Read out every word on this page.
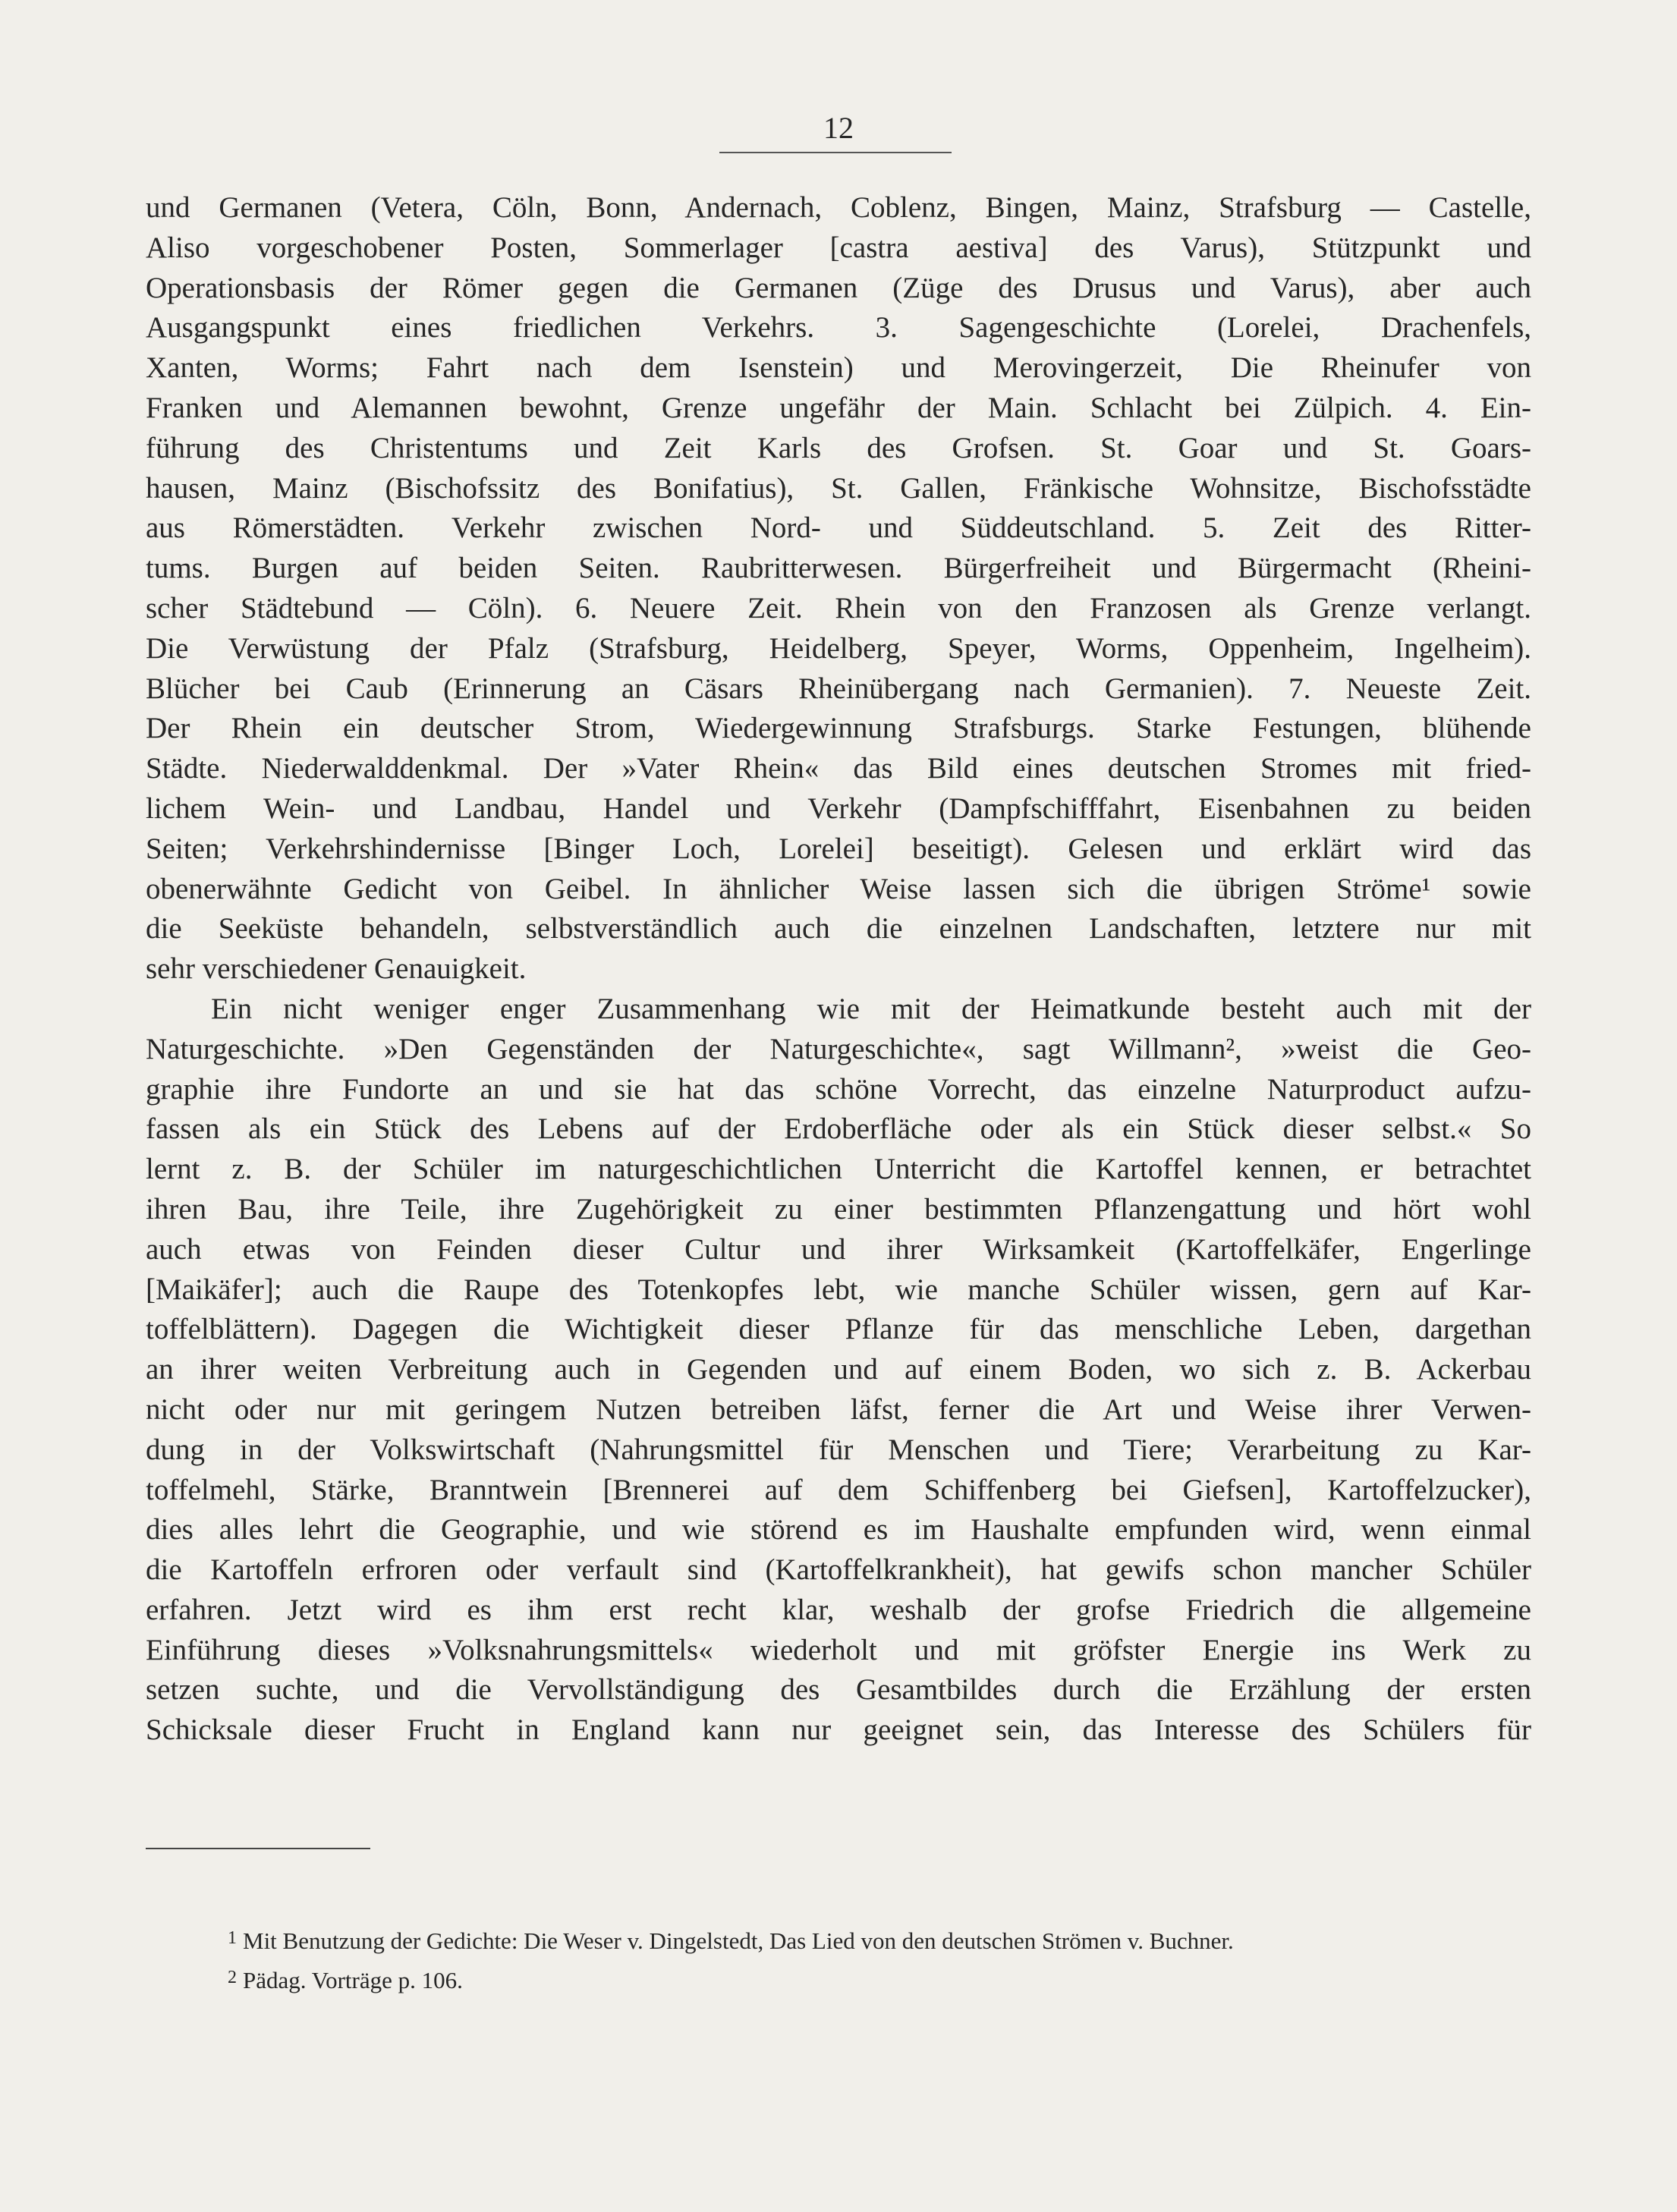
12
und Germanen (Vetera, Cöln, Bonn, Andernach, Coblenz, Bingen, Mainz, Strafsburg — Castelle,
Aliso vorgeschobener Posten, Sommerlager [castra aestiva] des Varus), Stützpunkt und
Operationsbasis der Römer gegen die Germanen (Züge des Drusus und Varus), aber auch
Ausgangspunkt eines friedlichen Verkehrs. 3. Sagengeschichte (Lorelei, Drachenfels,
Xanten, Worms; Fahrt nach dem Isenstein) und Merovingerzeit, Die Rheinufer von
Franken und Alemannen bewohnt, Grenze ungefähr der Main. Schlacht bei Zülpich. 4. Ein-
führung des Christentums und Zeit Karls des Grofsen. St. Goar und St. Goars-
hausen, Mainz (Bischofssitz des Bonifatius), St. Gallen, Fränkische Wohnsitze, Bischofsstädte
aus Römerstädten. Verkehr zwischen Nord- und Süddeutschland. 5. Zeit des Ritter-
tums. Burgen auf beiden Seiten. Raubritterwesen. Bürgerfreiheit und Bürgermacht (Rheini-
scher Städtebund — Cöln). 6. Neuere Zeit. Rhein von den Franzosen als Grenze verlangt.
Die Verwüstung der Pfalz (Strafsburg, Heidelberg, Speyer, Worms, Oppenheim, Ingelheim).
Blücher bei Caub (Erinnerung an Cäsars Rheinübergang nach Germanien). 7. Neueste Zeit.
Der Rhein ein deutscher Strom, Wiedergewinnung Strafsburgs. Starke Festungen, blühende
Städte. Niederwalddenkmal. Der »Vater Rhein« das Bild eines deutschen Stromes mit fried-
lichem Wein- und Landbau, Handel und Verkehr (Dampfschifffahrt, Eisenbahnen zu beiden
Seiten; Verkehrshindernisse [Binger Loch, Lorelei] beseitigt). Gelesen und erklärt wird das
obenerwähnte Gedicht von Geibel. In ähnlicher Weise lassen sich die übrigen Ströme¹ sowie
die Seeküste behandeln, selbstverständlich auch die einzelnen Landschaften, letztere nur mit
sehr verschiedener Genauigkeit.
Ein nicht weniger enger Zusammenhang wie mit der Heimatkunde besteht auch mit der
Naturgeschichte. »Den Gegenständen der Naturgeschichte«, sagt Willmann², »weist die Geo-
graphie ihre Fundorte an und sie hat das schöne Vorrecht, das einzelne Naturproduct aufzu-
fassen als ein Stück des Lebens auf der Erdoberfläche oder als ein Stück dieser selbst.« So
lernt z. B. der Schüler im naturgeschichtlichen Unterricht die Kartoffel kennen, er betrachtet
ihren Bau, ihre Teile, ihre Zugehörigkeit zu einer bestimmten Pflanzengattung und hört wohl
auch etwas von Feinden dieser Cultur und ihrer Wirksamkeit (Kartoffelkäfer, Engerlinge
[Maikäfer]; auch die Raupe des Totenkopfes lebt, wie manche Schüler wissen, gern auf Kar-
toffelblättern). Dagegen die Wichtigkeit dieser Pflanze für das menschliche Leben, dargethan
an ihrer weiten Verbreitung auch in Gegenden und auf einem Boden, wo sich z. B. Ackerbau
nicht oder nur mit geringem Nutzen betreiben läfst, ferner die Art und Weise ihrer Verwen-
dung in der Volkswirtschaft (Nahrungsmittel für Menschen und Tiere; Verarbeitung zu Kar-
toffelmehl, Stärke, Branntwein [Brennerei auf dem Schiffenberg bei Giefsen], Kartoffelzucker),
dies alles lehrt die Geographie, und wie störend es im Haushalte empfunden wird, wenn einmal
die Kartoffeln erfroren oder verfault sind (Kartoffelkrankheit), hat gewifs schon mancher Schüler
erfahren. Jetzt wird es ihm erst recht klar, weshalb der grofse Friedrich die allgemeine
Einführung dieses »Volksnahrungsmittels« wiederholt und mit gröfster Energie ins Werk zu
setzen suchte, und die Vervollständigung des Gesamtbildes durch die Erzählung der ersten
Schicksale dieser Frucht in England kann nur geeignet sein, das Interesse des Schülers für
$^1$ Mit Benutzung der Gedichte: Die Weser v. Dingelstedt, Das Lied von den deutschen Strömen v. Buchner.
$^2$ Pädag. Vorträge p. 106.
